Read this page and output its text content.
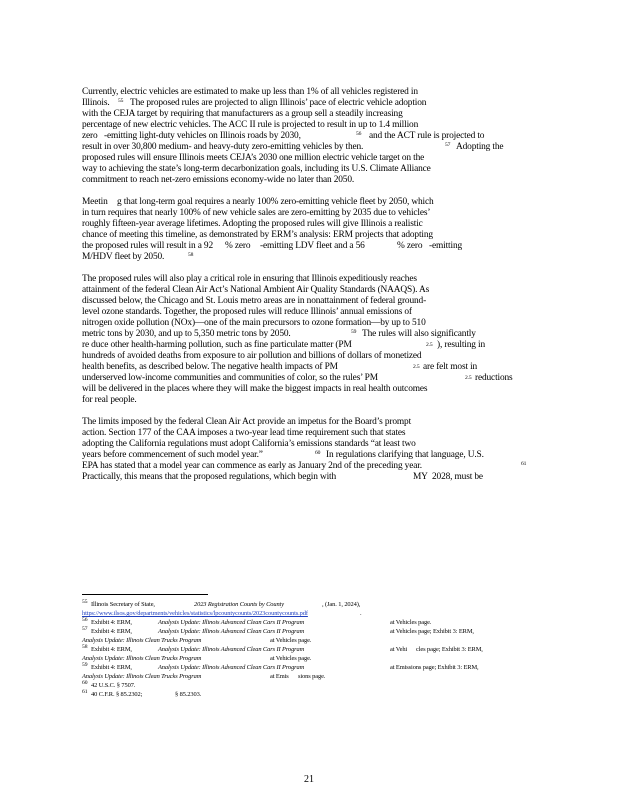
Currently, electric vehicles are estimated to make up less than 1% of all vehicles registered in
Illinois. 55 The proposed rules are projected to align Illinois’ pace of electric vehicle adoption
with the CEJA target by requiring that manufacturers as a group sell a steadily increasing
percentage of new electric vehicles. The ACC II rule is projected to result in up to 1.4 million
zero -emitting light-duty vehicles on Illinois roads by 2030,	56 and the ACT rule is projected to
result in over 30,800 medium- and heavy-duty zero-emitting vehicles by then.	57 Adopting the
proposed rules will ensure Illinois meets CEJA’s 2030 one million electric vehicle target on the
way to achieving the state’s long-term decarbonization goals, including its U.S. Climate Alliance
commitment to reach net-zero emissions economy-wide no later than 2050.
Meetin g that long-term goal requires a nearly 100% zero-emitting vehicle fleet by 2050, which
in turn requires that nearly 100% of new vehicle sales are zero-emitting by 2035 due to vehicles’
roughly fifteen-year average lifetimes. Adopting the proposed rules will give Illinois a realistic
chance of meeting this timeline, as demonstrated by ERM’s analysis: ERM projects that adopting
the proposed rules will result in a 92 % zero -emitting LDV fleet and a 56	% zero -emitting
M/HDV fleet by 2050.	58
The proposed rules will also play a critical role in ensuring that Illinois expeditiously reaches
attainment of the federal Clean Air Act’s National Ambient Air Quality Standards (NAAQS). As
discussed below, the Chicago and St. Louis metro areas are in nonattainment of federal ground-
level ozone standards. Together, the proposed rules will reduce Illinois’ annual emissions of
nitrogen oxide pollution (NOx)—one of the main precursors to ozone formation—by up to 510
metric tons by 2030, and up to 5,350 metric tons by 2050.	59 The rules will also significantly
re duce other health-harming pollution, such as fine particulate matter (PM	2.5 ), resulting in
hundreds of avoided deaths from exposure to air pollution and billions of dollars of monetized
health benefits, as described below. The negative health impacts of PM	2.5 are felt most in
underserved low-income communities and communities of color, so the rules’ PM	2.5 reductions
will be delivered in the places where they will make the biggest impacts in real health outcomes
for real people.
The limits imposed by the federal Clean Air Act provide an impetus for the Board’s prompt
action. Section 177 of the CAA imposes a two-year lead time requirement such that states
adopting the California regulations must adopt California’s emissions standards “at least two
years before commencement of such model year.”	60 In regulations clarifying that language, U.S.
EPA has stated that a model year can commence as early as January 2nd of the preceding year.	61
Practically, this means that the proposed regulations, which begin with	MY 2028, must be
55 Illinois Secretary of State,	2023 Registration Counts by County	, (Jan. 1, 2024),
https://www.ilsos.gov/departments/vehicles/statistics/lpcountycounts/2023countycounts.pdf	.
56 Exhibit 4: ERM,	Analysis Update: Illinois Advanced Clean Cars II Program	at Vehicles page.
57 Exhibit 4: ERM,	Analysis Update: Illinois Advanced Clean Cars II Program	at Vehicles page; Exhibit 3: ERM,
Analysis Update: Illinois Clean Trucks Program	at Vehicles page.
58 Exhibit 4: ERM,	Analysis Update: Illinois Advanced Clean Cars II Program	at Vehi cles page; Exhibit 3: ERM,
Analysis Update: Illinois Clean Trucks Program	at Vehicles page.
59 Exhibit 4: ERM,	Analysis Update: Illinois Advanced Clean Cars II Program	at Emissions page; Exhibit 3: ERM,
Analysis Update: Illinois Clean Trucks Program	at Emis sions page.
60 42 U.S.C. § 7507.
61 40 C.F.R. § 85.2302;	§ 85.2303.
21
